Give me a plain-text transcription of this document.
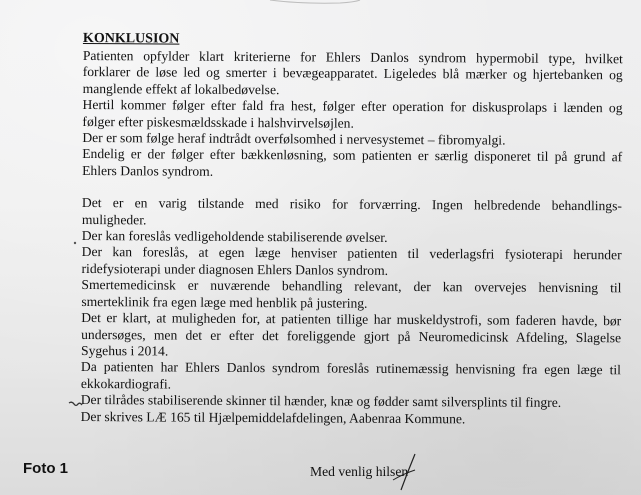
KONKLUSION
Patienten opfylder klart kriterierne for Ehlers Danlos syndrom hypermobil type, hvilket
forklarer de løse led og smerter i bevægeapparatet. Ligeledes blå mærker og hjertebanken og
manglende effekt af lokalbedøvelse.
Hertil kommer følger efter fald fra hest, følger efter operation for diskusprolaps i lænden og
følger efter piskesmældsskade i halshvirvelsøjlen.
Der er som følge heraf indtrådt overfølsomhed i nervesystemet – fibromyalgi.
Endelig er der følger efter bækkenløsning, som patienten er særlig disponeret til på grund af
Ehlers Danlos syndrom.
Det er en varig tilstande med risiko for forværring. Ingen helbredende behandlings-
muligheder.
Der kan foreslås vedligeholdende stabiliserende øvelser.
Der kan foreslås, at egen læge henviser patienten til vederlagsfri fysioterapi herunder
ridefysioterapi under diagnosen Ehlers Danlos syndrom.
Smertemedicinsk er nuværende behandling relevant, der kan overvejes henvisning til
smerteklinik fra egen læge med henblik på justering.
Det er klart, at muligheden for, at patienten tillige har muskeldystrofi, som faderen havde, bør
undersøges, men det er efter det foreliggende gjort på Neuromedicinsk Afdeling, Slagelse
Sygehus i 2014.
Da patienten har Ehlers Danlos syndrom foreslås rutinemæssig henvisning fra egen læge til
ekkokardiografi.
Der tilrådes stabiliserende skinner til hænder, knæ og fødder samt silversplints til fingre.
Der skrives LÆ 165 til Hjælpemiddelafdelingen, Aabenraa Kommune.
Foto 1	Med venlig hilsen
